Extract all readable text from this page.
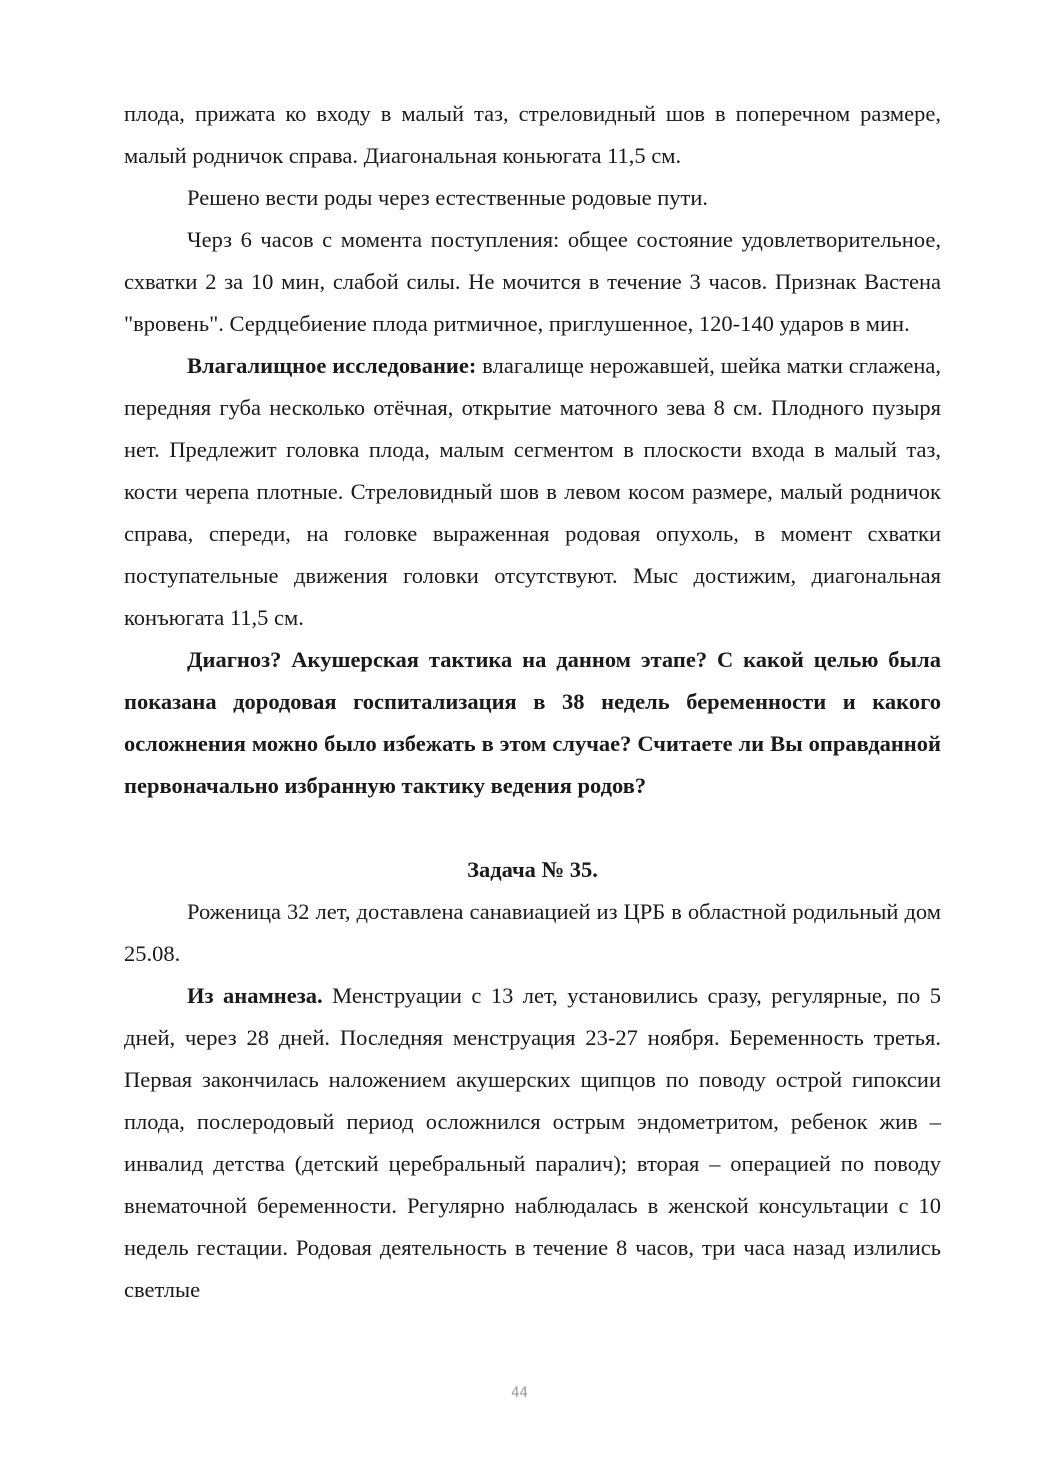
плода, прижата ко входу в малый таз, стреловидный шов в поперечном размере, малый родничок справа. Диагональная коньюгата 11,5 см.

Решено вести роды через естественные родовые пути.

Черз 6 часов с момента поступления: общее состояние удовлетворительное, схватки 2 за 10 мин, слабой силы. Не мочится в течение 3 часов. Признак Вастена "вровень". Сердцебиение плода ритмичное, приглушенное, 120-140 ударов в мин.

Влагалищное исследование: влагалище нерожавшей, шейка матки сглажена, передняя губа несколько отёчная, открытие маточного зева 8 см. Плодного пузыря нет. Предлежит головка плода, малым сегментом в плоскости входа в малый таз, кости черепа плотные. Стреловидный шов в левом косом размере, малый родничок справа, спереди, на головке выраженная родовая опухоль, в момент схватки поступательные движения головки отсутствуют. Мыс достижим, диагональная конъюгата 11,5 см.

Диагноз? Акушерская тактика на данном этапе? С какой целью была показана дородовая госпитализация в 38 недель беременности и какого осложнения можно было избежать в этом случае? Считаете ли Вы оправданной первоначально избранную тактику ведения родов?

Задача № 35.

Роженица 32 лет, доставлена санавиацией из ЦРБ в областной родильный дом 25.08.

Из анамнеза. Менструации с 13 лет, установились сразу, регулярные, по 5 дней, через 28 дней. Последняя менструация 23-27 ноября. Беременность третья. Первая закончилась наложением акушерских щипцов по поводу острой гипоксии плода, послеродовый период осложнился острым эндометритом, ребенок жив – инвалид детства (детский церебральный паралич); вторая – операцией по поводу внематочной беременности. Регулярно наблюдалась в женской консультации с 10 недель гестации. Родовая деятельность в течение 8 часов, три часа назад излились светлые

44
